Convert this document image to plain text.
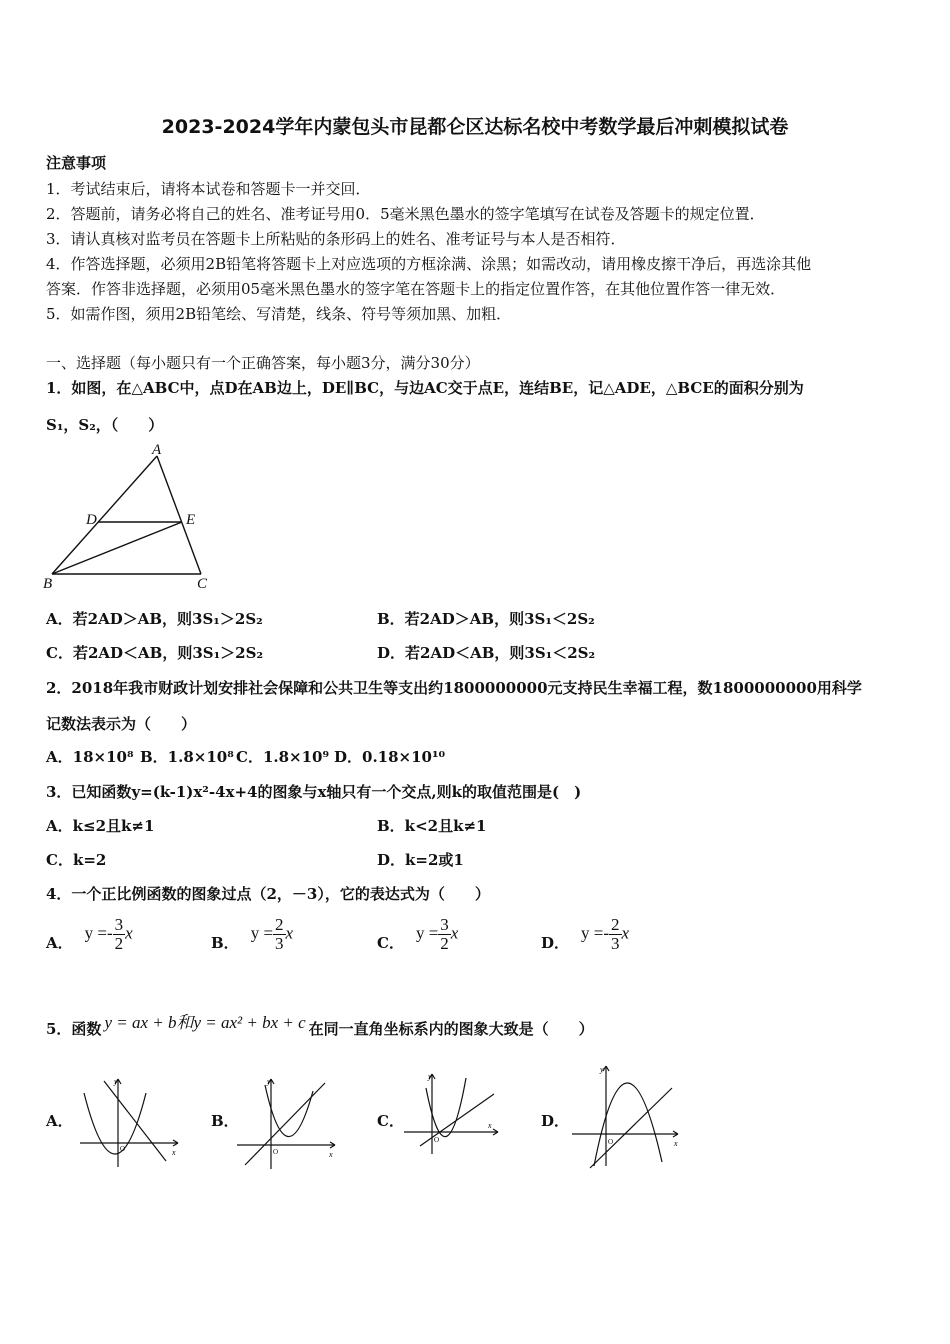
2023-2024学年内蒙包头市昆都仑区达标名校中考数学最后冲刺模拟试卷
注意事项
1．考试结束后，请将本试卷和答题卡一并交回．
2．答题前，请务必将自己的姓名、准考证号用0．5毫米黑色墨水的签字笔填写在试卷及答题卡的规定位置．
3．请认真核对监考员在答题卡上所粘贴的条形码上的姓名、准考证号与本人是否相符．
4．作答选择题，必须用2B铅笔将答题卡上对应选项的方框涂满、涂黑；如需改动，请用橡皮擦干净后，再选涂其他
答案．作答非选择题，必须用05毫米黑色墨水的签字笔在答题卡上的指定位置作答，在其他位置作答一律无效．
5．如需作图，须用2B铅笔绘、写清楚，线条、符号等须加黑、加粗．
一、选择题（每小题只有一个正确答案，每小题3分，满分30分）
1．如图，在△ABC中，点D在AB边上，DE∥BC，与边AC交于点E，连结BE，记△ADE，△BCE的面积分别为
S₁，S₂，（　　）
A
D	E
B	C
A．若2AD＞AB，则3S₁＞2S₂	B．若2AD＞AB，则3S₁＜2S₂
C．若2AD＜AB，则3S₁＞2S₂	D．若2AD＜AB，则3S₁＜2S₂
2．2018年我市财政计划安排社会保障和公共卫生等支出约1800000000元支持民生幸福工程，数1800000000用科学
记数法表示为（　　）
A．18×10⁸ B．1.8×10⁸ C．1.8×10⁹ D．0.18×10¹⁰
3．已知函数y=(k-1)x²-4x+4的图象与x轴只有一个交点,则k的取值范围是(　)
A．k≤2且k≠1	B．k<2且k≠1
C．k=2	D．k=2或1
4．一个正比例函数的图象过点（2，－3），它的表达式为（　　）
A．$y =- \frac{3}{2}$ x
B．$y = \frac{2}{3}$ x
C．$y = \frac{3}{2}$ x
D．$y =- \frac{2}{3}$ x
5．函数 y = ax + b和y = ax² + bx + c 在同一直角坐标系内的图象大致是（　　）
A．	B．	C．	D．
y
x
O
y
x
O
y
x
O
y
x
O
